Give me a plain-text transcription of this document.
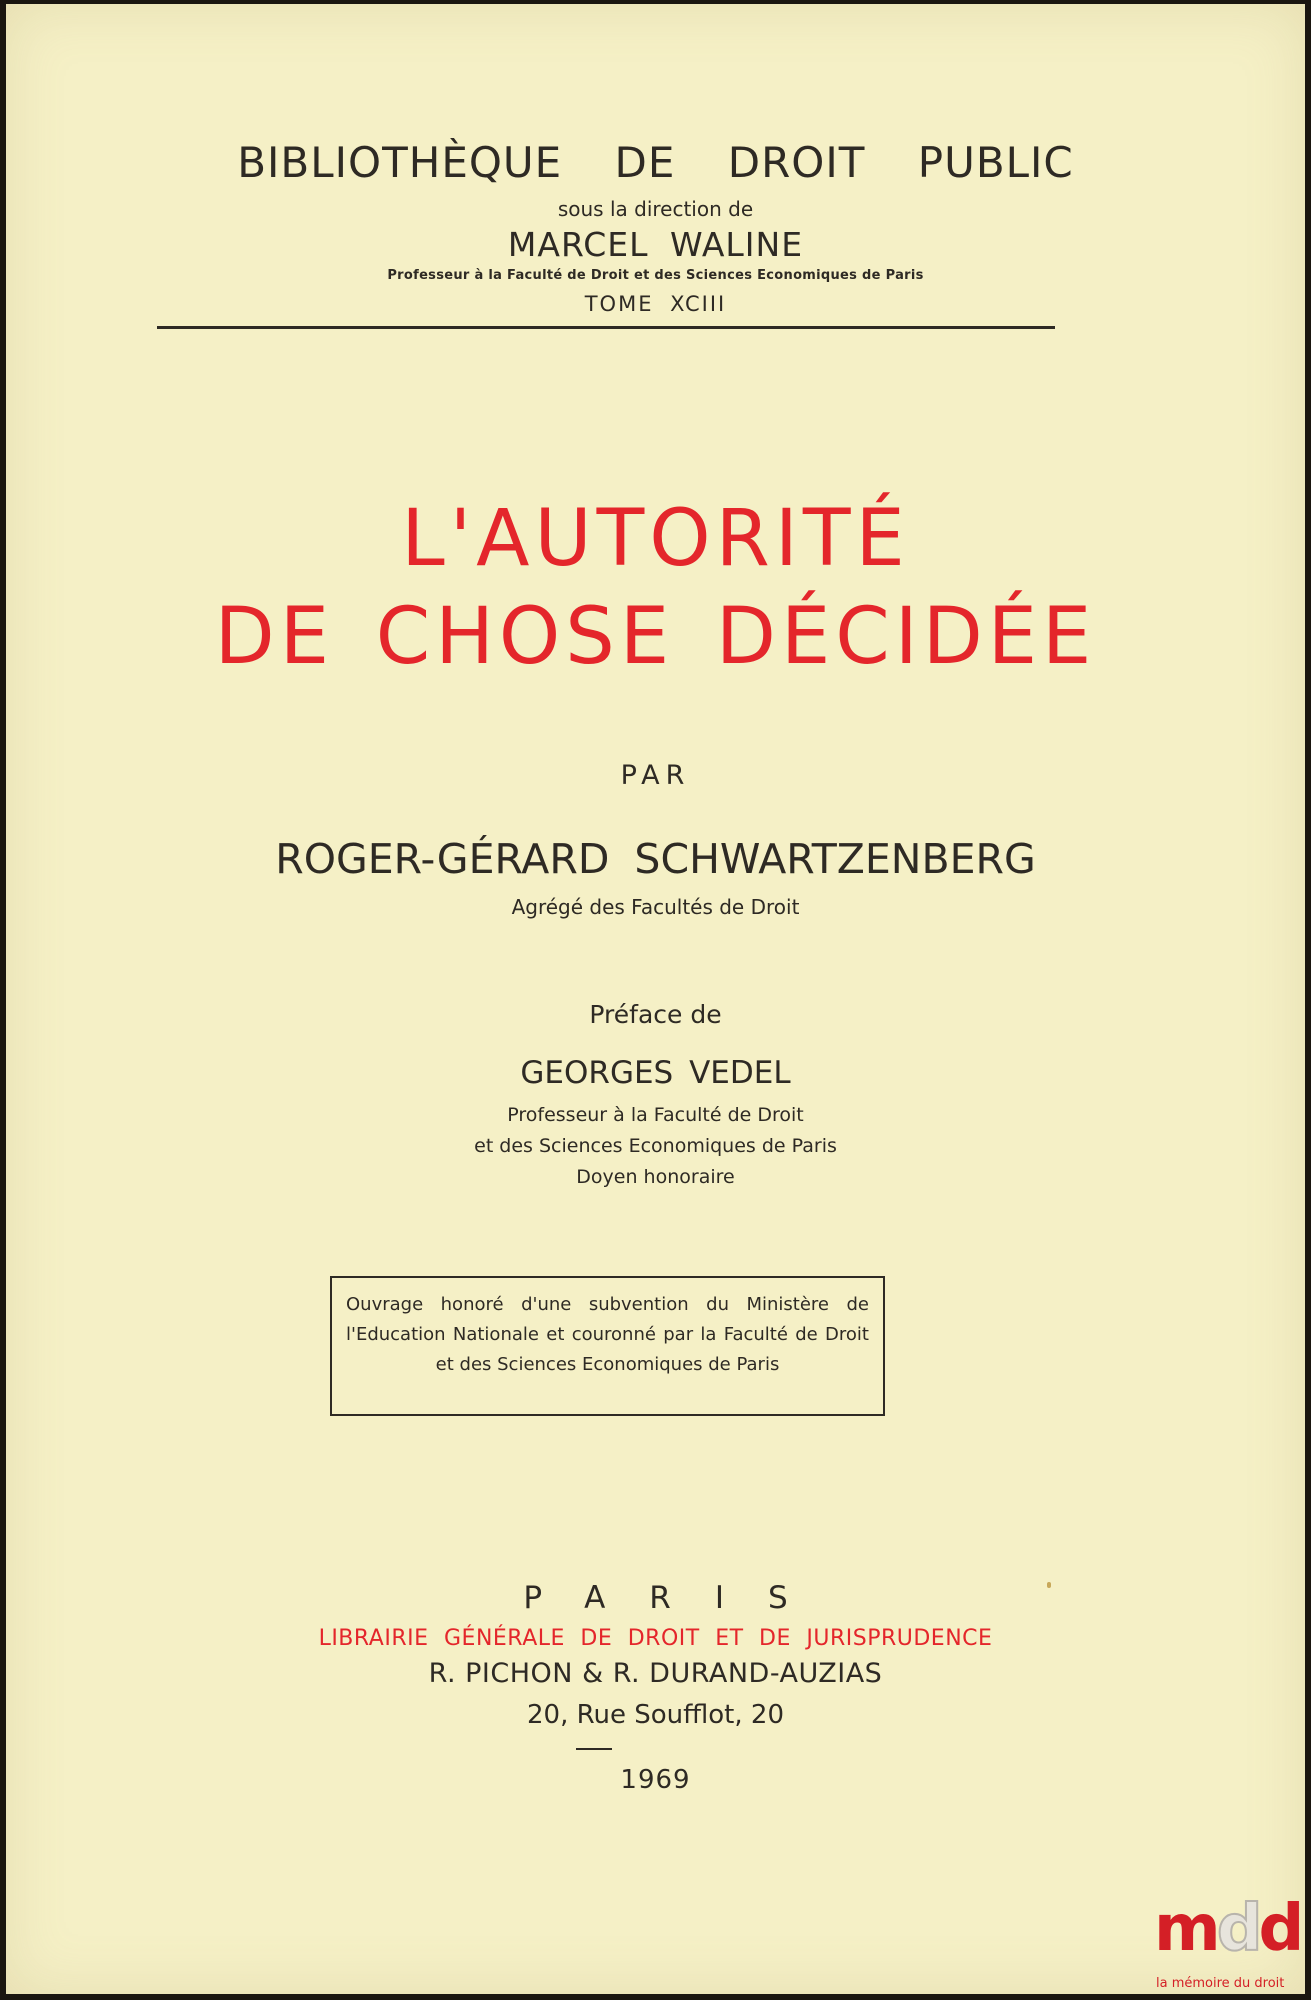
BIBLIOTHÈQUE DE DROIT PUBLIC
sous la direction de
MARCEL WALINE
Professeur à la Faculté de Droit et des Sciences Economiques de Paris
TOME XCIII
L'AUTORITÉ
DE CHOSE DÉCIDÉE
PAR
ROGER-GÉRARD SCHWARTZENBERG
Agrégé des Facultés de Droit
Préface de
GEORGES VEDEL
Professeur à la Faculté de Droit
et des Sciences Economiques de Paris
Doyen honoraire
Ouvrage honoré d'une subvention du Ministère de l'Education Nationale et couronné par la Faculté de Droit et des Sciences Economiques de Paris
PARIS
LIBRAIRIE GÉNÉRALE DE DROIT ET DE JURISPRUDENCE
R. PICHON & R. DURAND-AUZIAS
20, Rue Soufflot, 20
1969
mdd
la mémoire du droit
